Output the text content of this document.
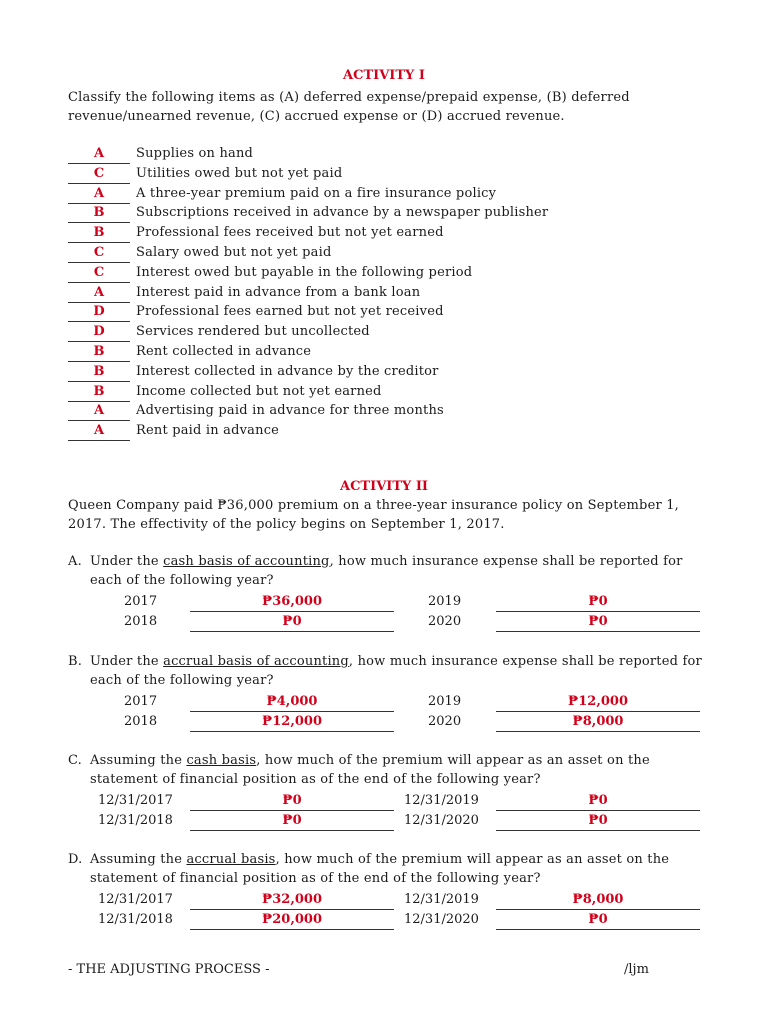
ACTIVITY I
Classify the following items as (A) deferred expense/prepaid expense, (B) deferred
revenue/unearned revenue, (C) accrued expense or (D) accrued revenue.
A	Supplies on hand
C	Utilities owed but not yet paid
A	A three-year premium paid on a fire insurance policy
B	Subscriptions received in advance by a newspaper publisher
B	Professional fees received but not yet earned
C	Salary owed but not yet paid
C	Interest owed but payable in the following period
A	Interest paid in advance from a bank loan
D	Professional fees earned but not yet received
D	Services rendered but uncollected
B	Rent collected in advance
B	Interest collected in advance by the creditor
B	Income collected but not yet earned
A	Advertising paid in advance for three months
A	Rent paid in advance
ACTIVITY II
Queen Company paid ₱36,000 premium on a three-year insurance policy on September 1,
2017. The effectivity of the policy begins on September 1, 2017.
A. Under the cash basis of accounting, how much insurance expense shall be reported for
each of the following year?
2017	₱36,000	2019	₱0
2018	₱0	2020	₱0
B. Under the accrual basis of accounting, how much insurance expense shall be reported for
each of the following year?
2017	₱4,000	2019	₱12,000
2018	₱12,000	2020	₱8,000
C. Assuming the cash basis, how much of the premium will appear as an asset on the
statement of financial position as of the end of the following year?
12/31/2017	₱0	12/31/2019	₱0
12/31/2018	₱0	12/31/2020	₱0
D. Assuming the accrual basis, how much of the premium will appear as an asset on the
statement of financial position as of the end of the following year?
12/31/2017	₱32,000	12/31/2019	₱8,000
12/31/2018	₱20,000	12/31/2020	₱0
- THE ADJUSTING PROCESS -	/ljm
